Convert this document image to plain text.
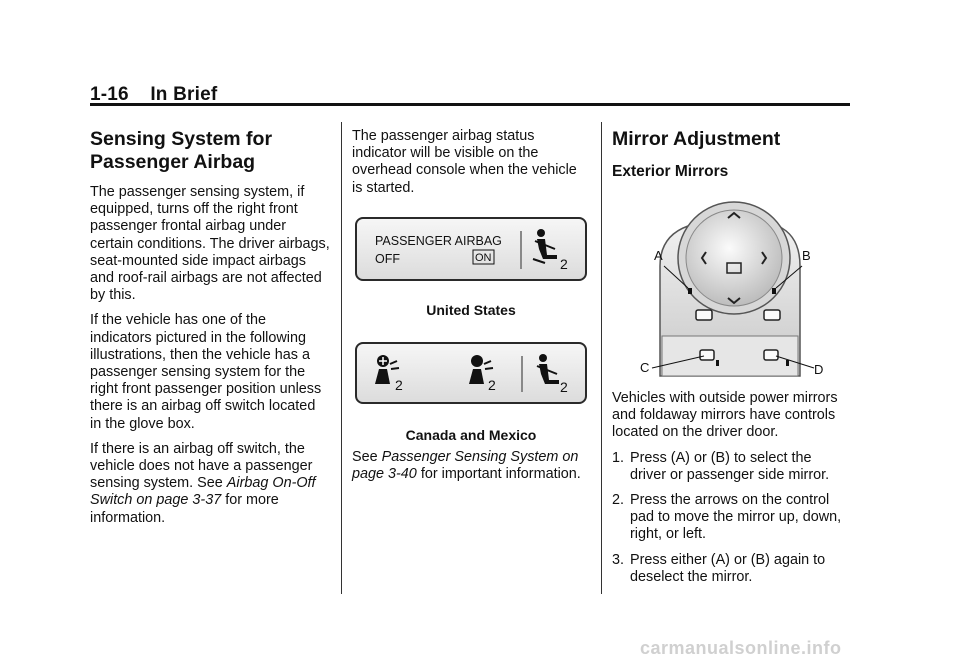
1-16 In Brief
Sensing System for
Passenger Airbag

The passenger sensing system, if equipped, turns off the right front passenger frontal airbag under certain conditions. The driver airbags, seat-mounted side impact airbags and roof-rail airbags are not affected by this.

If the vehicle has one of the indicators pictured in the following illustrations, then the vehicle has a passenger sensing system for the right front passenger position unless there is an airbag off switch located in the glove box.

If there is an airbag off switch, the vehicle does not have a passenger sensing system. See Airbag On-Off Switch on page 3-37 for more information.

The passenger airbag status indicator will be visible on the overhead console when the vehicle is started.

PASSENGER AIRBAG
OFF	ON	2
United States
2	2	2
Canada and Mexico

See Passenger Sensing System on page 3-40 for important information.

Mirror Adjustment
Exterior Mirrors
A	B
C	D

Vehicles with outside power mirrors and foldaway mirrors have controls located on the driver door.

1. Press (A) or (B) to select the driver or passenger side mirror.
2. Press the arrows on the control pad to move the mirror up, down, right, or left.
3. Press either (A) or (B) again to deselect the mirror.
carmanualsonline.info
